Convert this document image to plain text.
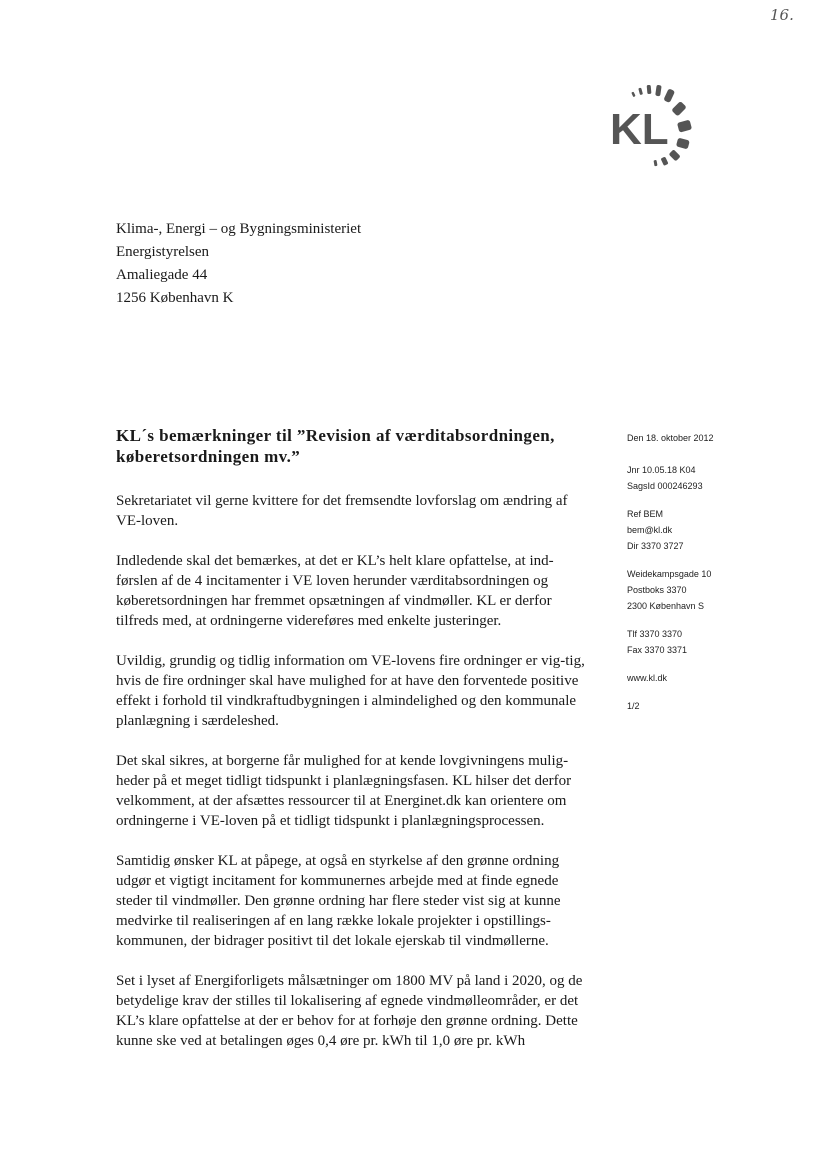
16.
KL
Klima-, Energi – og Bygningsministeriet
Energistyrelsen
Amaliegade 44
1256 København K
KL´s bemærkninger til ”Revision af værditabsordningen, køberetsordningen mv.”

Sekretariatet vil gerne kvittere for det fremsendte lovforslag om ændring af VE-loven.

Indledende skal det bemærkes, at det er KL’s helt klare opfattelse, at ind-førslen af de 4 incitamenter i VE loven herunder værditabsordningen og køberetsordningen har fremmet opsætningen af vindmøller. KL er derfor tilfreds med, at ordningerne videreføres med enkelte justeringer.

Uvildig, grundig og tidlig information om VE-lovens fire ordninger er vig-tig, hvis de fire ordninger skal have mulighed for at have den forventede positive effekt i forhold til vindkraftudbygningen i almindelighed og den kommunale planlægning i særdeleshed.

Det skal sikres, at borgerne får mulighed for at kende lovgivningens mulig-heder på et meget tidligt tidspunkt i planlægningsfasen. KL hilser det derfor velkomment, at der afsættes ressourcer til at Energinet.dk kan orientere om ordningerne i VE-loven på et tidligt tidspunkt i planlægningsprocessen.

Samtidig ønsker KL at påpege, at også en styrkelse af den grønne ordning udgør et vigtigt incitament for kommunernes arbejde med at finde egnede steder til vindmøller. Den grønne ordning har flere steder vist sig at kunne medvirke til realiseringen af en lang række lokale projekter i opstillings-kommunen, der bidrager positivt til det lokale ejerskab til vindmøllerne.

Set i lyset af Energiforligets målsætninger om 1800 MV på land i 2020, og de betydelige krav der stilles til lokalisering af egnede vindmølleområder, er det KL’s klare opfattelse at der er behov for at forhøje den grønne ordning. Dette kunne ske ved at betalingen øges 0,4 øre pr. kWh til 1,0 øre pr. kWh

Den 18. oktober 2012
Jnr 10.05.18 K04
SagsId 000246293
Ref BEM
bem@kl.dk
Dir 3370 3727
Weidekampsgade 10
Postboks 3370
2300 København S
Tlf 3370 3370
Fax 3370 3371
www.kl.dk
1/2
